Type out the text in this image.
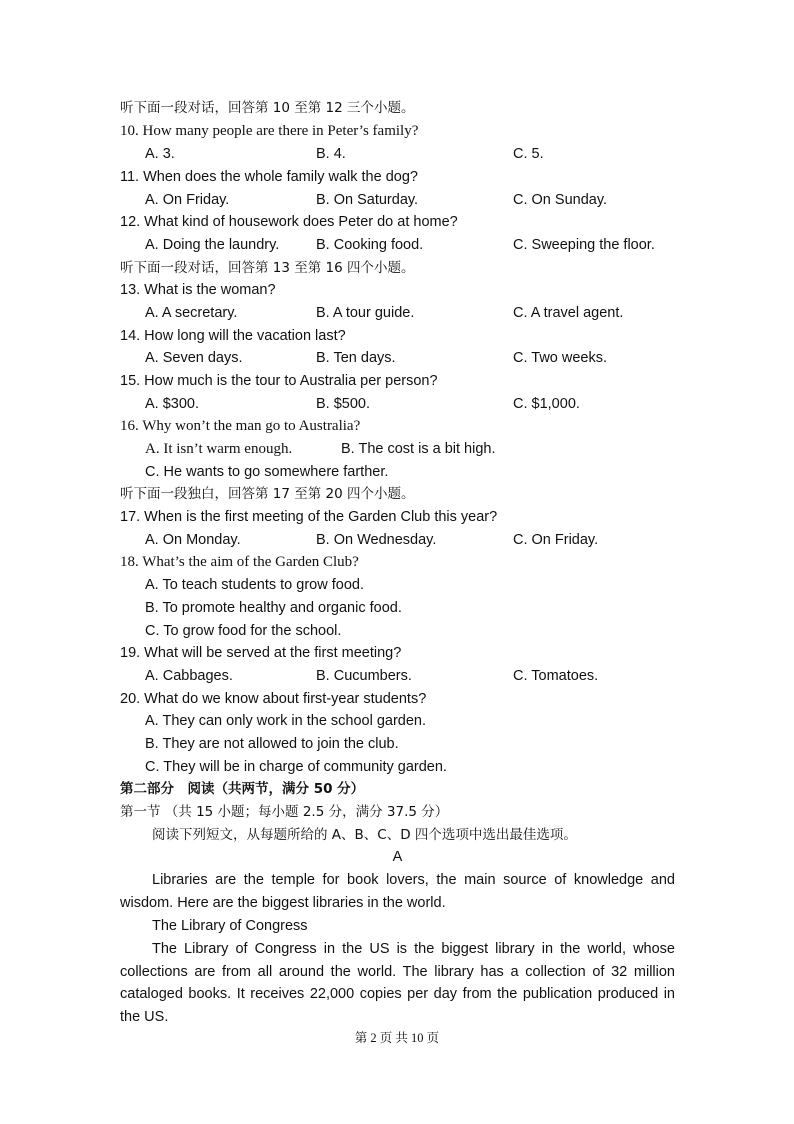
听下面一段对话，回答第 10 至第 12 三个小题。
10. How many people are there in Peter’s family?
A. 3.	B. 4.	C. 5.
11. When does the whole family walk the dog?
A. On Friday.	B. On Saturday.	C. On Sunday.
12. What kind of housework does Peter do at home?
A. Doing the laundry.	B. Cooking food.	C. Sweeping the floor.
听下面一段对话，回答第 13 至第 16 四个小题。
13. What is the woman?
A. A secretary.	B. A tour guide.	C. A travel agent.
14. How long will the vacation last?
A. Seven days.	B. Ten days.	C. Two weeks.
15. How much is the tour to Australia per person?
A. $300.	B. $500.	C. $1,000.
16. Why won’t the man go to Australia?
A. It isn’t warm enough.	B. The cost is a bit high.
C. He wants to go somewhere farther.
听下面一段独白，回答第 17 至第 20 四个小题。
17. When is the first meeting of the Garden Club this year?
A. On Monday.	B. On Wednesday.	C. On Friday.
18. What’s the aim of the Garden Club?
A. To teach students to grow food.
B. To promote healthy and organic food.
C. To grow food for the school.
19. What will be served at the first meeting?
A. Cabbages.	B. Cucumbers.	C. Tomatoes.
20. What do we know about first-year students?
A. They can only work in the school garden.
B. They are not allowed to join the club.
C. They will be in charge of community garden.
第二部分　阅读（共两节，满分 50 分）
第一节 （共 15 小题；每小题 2.5 分，满分 37.5 分）
阅读下列短文，从每题所给的 A、B、C、D 四个选项中选出最佳选项。
A
Libraries are the temple for book lovers, the main source of knowledge and wisdom. Here are the biggest libraries in the world.
The Library of Congress
The Library of Congress in the US is the biggest library in the world, whose collections are from all around the world. The library has a collection of 32 million cataloged books. It receives 22,000 copies per day from the publication produced in the US.
第 2 页 共 10 页
